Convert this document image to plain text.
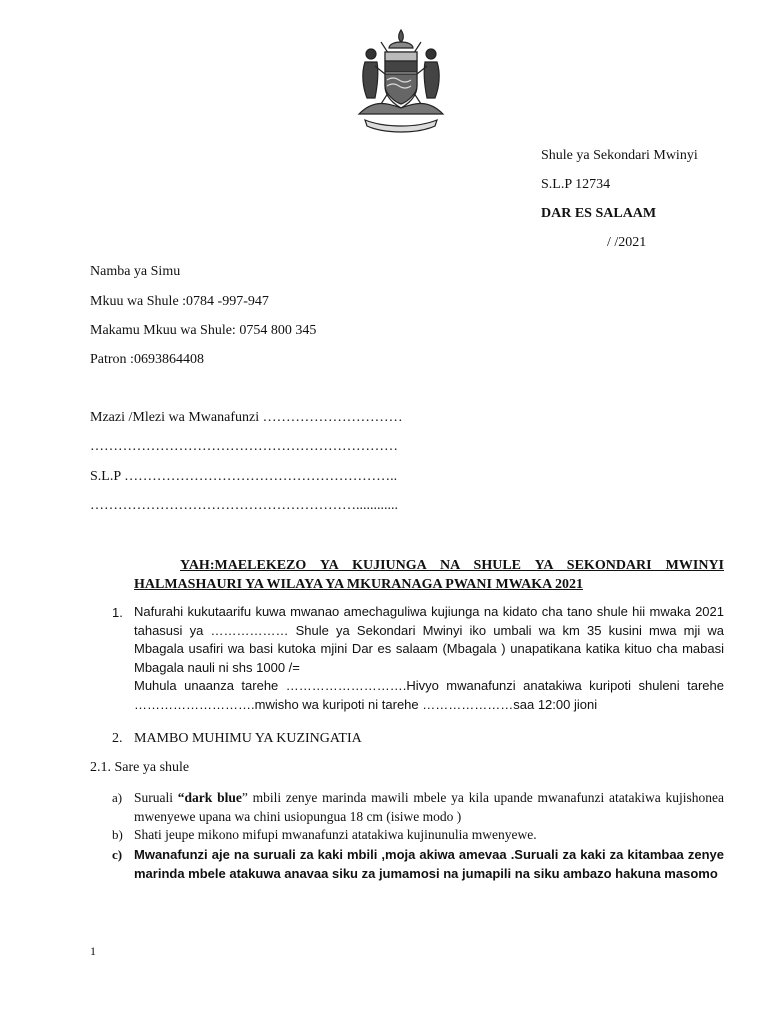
Shule ya Sekondari Mwinyi
S.L.P 12734
DAR ES SALAAM
/ /2021
Namba ya Simu
Mkuu wa Shule :0784 -997-947
Makamu Mkuu wa Shule: 0754 800 345
Patron :0693864408
Mzazi /Mlezi wa Mwanafunzi …………………………
…………………………………………………………
S.L.P …………………………………………………..
…………………………………………………............
YAH:MAELEKEZO YA KUJIUNGA NA SHULE YA SEKONDARI MWINYI
HALMASHAURI YA WILAYA YA MKURANAGA PWANI MWAKA 2021
1. Nafurahi kukutaarifu kuwa mwanao amechaguliwa kujiunga na kidato cha tano shule hii mwaka 2021 tahasusi ya ……………… Shule ya Sekondari Mwinyi iko umbali wa km 35 kusini mwa mji wa Mbagala usafiri wa basi kutoka mjini Dar es salaam (Mbagala ) unapatikana katika kituo cha mabasi Mbagala nauli ni shs 1000 /=
Muhula unaanza tarehe ……………………….Hivyo mwanafunzi anatakiwa kuripoti shuleni tarehe ……………………….mwisho wa kuripoti ni tarehe …………………saa 12:00 jioni
2. MAMBO MUHIMU YA KUZINGATIA
2.1. Sare ya shule
a) Suruali “dark blue” mbili zenye marinda mawili mbele ya kila upande mwanafunzi atatakiwa kujishonea mwenyewe upana wa chini usiopungua 18 cm (isiwe modo )
b) Shati jeupe mikono mifupi mwanafunzi atatakiwa kujinunulia mwenyewe.
c) Mwanafunzi aje na suruali za kaki mbili ,moja akiwa amevaa .Suruali za kaki za kitambaa zenye marinda mbele atakuwa anavaa siku za jumamosi na jumapili na siku ambazo hakuna masomo
1
